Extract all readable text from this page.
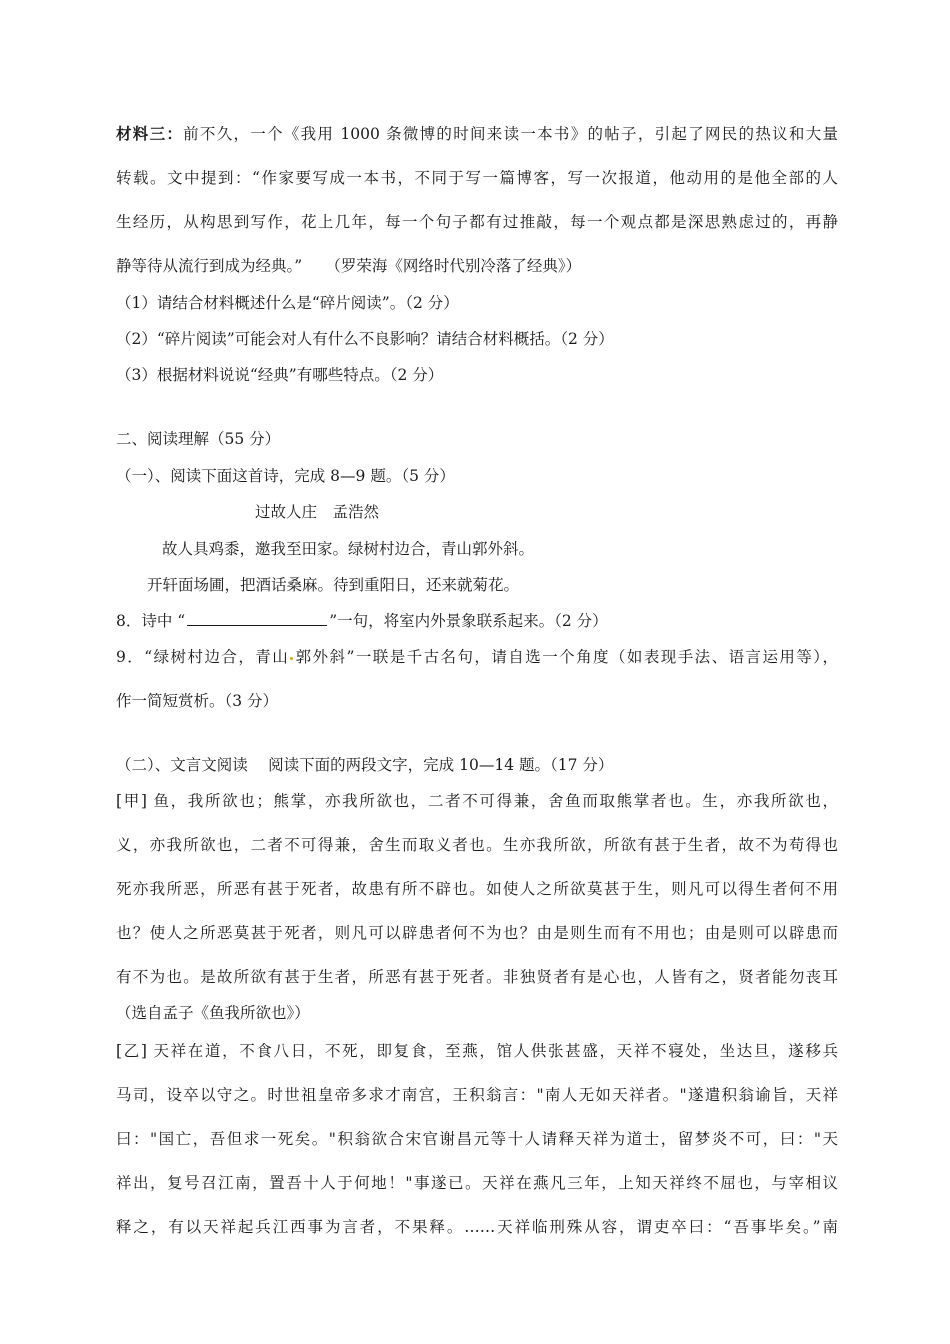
材料三：前不久，一个《我用 1000 条微博的时间来读一本书》的帖子，引起了网民的热议和大量
转载。文中提到：“作家要写成一本书，不同于写一篇博客，写一次报道，他动用的是他全部的人
生经历，从构思到写作，花上几年，每一个句子都有过推敲，每一个观点都是深思熟虑过的，再静
静等待从流行到成为经典。”　　（罗荣海《网络时代别冷落了经典》）
（1）请结合材料概述什么是“碎片阅读”。（2 分）
（2）“碎片阅读”可能会对人有什么不良影响？请结合材料概括。（2 分）
（3）根据材料说说“经典”有哪些特点。（2 分）
二、阅读理解（55 分）
（一）、阅读下面这首诗，完成 8—9 题。（5 分）
过故人庄　孟浩然
故人具鸡黍，邀我至田家。绿树村边合，青山郭外斜。
开轩面场圃，把酒话桑麻。待到重阳日，还来就菊花。
8．诗中 “	”一句，将室内外景象联系起来。（2 分）
9．“绿树村边合，青山 郭外斜”一联是千古名句，请自选一个角度（如表现手法、语言运用等），
作一简短赏析。（3 分）
（二）、文言文阅读　 阅读下面的两段文字，完成 10—14 题。（17 分）
[甲] 鱼，我所欲也；熊掌，亦我所欲也，二者不可得兼，舍鱼而取熊掌者也。生，亦我所欲也，
义，亦我所欲也，二者不可得兼，舍生而取义者也。生亦我所欲，所欲有甚于生者，故不为苟得也
死亦我所恶，所恶有甚于死者，故患有所不辟也。如使人之所欲莫甚于生，则凡可以得生者何不用
也？使人之所恶莫甚于死者，则凡可以辟患者何不为也？由是则生而有不用也；由是则可以辟患而
有不为也。是故所欲有甚于生者，所恶有甚于死者。非独贤者有是心也，人皆有之，贤者能勿丧耳
（选自孟子《鱼我所欲也》）
[乙] 天祥在道，不食八日，不死，即复食，至燕，馆人供张甚盛，天祥不寝处，坐达旦，遂移兵
马司，设卒以守之。时世祖皇帝多求才南宫，王积翁言："南人无如天祥者。"遂遣积翁谕旨，天祥
曰："国亡，吾但求一死矣。"积翁欲合宋官谢昌元等十人请释天祥为道士，留梦炎不可，曰："天
祥出，复号召江南，置吾十人于何地！"事遂已。天祥在燕凡三年，上知天祥终不屈也，与宰相议
释之，有以天祥起兵江西事为言者，不果释。……天祥临刑殊从容，谓吏卒曰：“吾事毕矣。”南
